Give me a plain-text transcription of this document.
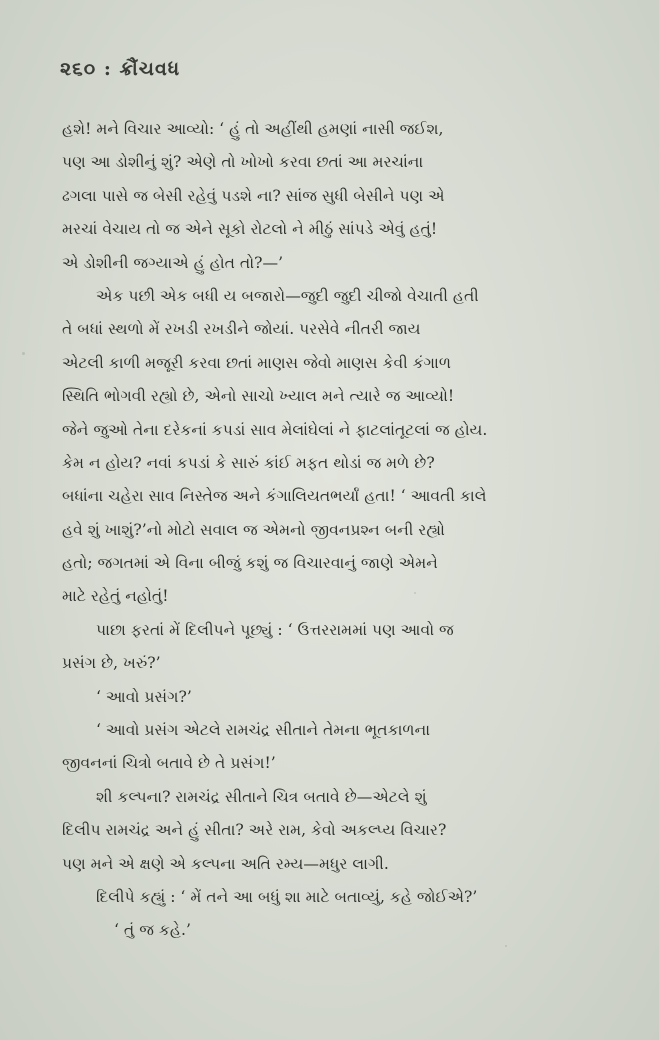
૨૬૦ : ક્રૌંચવધ
હશે! મને વિચાર આવ્યો: ‘ હું તો અહીંથી હમણાં નાસી જઈશ,
પણ આ ડોશીનું શું? એણે તો ખોખો કરવા છતાં આ મરચાંના
ઢગલા પાસે જ બેસી રહેવું પડશે ના? સાંજ સુધી બેસીને પણ એ
મરચાં વેચાય તો જ એને સૂકો રોટલો ને મીઠું સાંપડે એવું હતું!
એ ડોશીની જગ્યાએ હું હોત તો?—’
એક પછી એક બધી ય બજારો—જુદી જુદી ચીજો વેચાતી હતી
તે બધાં સ્થળો મેં રખડી રખડીને જોયાં. પરસેવે નીતરી જાય
એટલી કાળી મજૂરી કરવા છતાં માણસ જેવો માણસ કેવી કંગાળ
સ્થિતિ ભોગવી રહ્યો છે, એનો સાચો ખ્યાલ મને ત્યારે જ આવ્યો!
જેને જુઓ તેના દરેકનાં કપડાં સાવ મેલાંઘેલાં ને ફાટલાંતૂટલાં જ હોય.
કેમ ન હોય? નવાં કપડાં કે સારું કાંઈ મફત થોડાં જ મળે છે?
બધાંના ચહેરા સાવ નિસ્તેજ અને કંગાલિયતભર્યાં હતા! ‘ આવતી કાલે
હવે શું ખાશું?’નો મોટો સવાલ જ એમનો જીવનપ્રશ્ન બની રહ્યો
હતો; જગતમાં એ વિના બીજું કશું જ વિચારવાનું જાણે એમને
માટે રહેતું નહોતું!
પાછા ફરતાં મેં દિલીપને પૂછ્યું : ‘ ઉત્તરરામમાં પણ આવો જ
પ્રસંગ છે, ખરું?’
‘ આવો પ્રસંગ?’
‘ આવો પ્રસંગ એટલે રામચંદ્ર સીતાને તેમના ભૂતકાળના
જીવનનાં ચિત્રો બતાવે છે તે પ્રસંગ!’
શી કલ્પના? રામચંદ્ર સીતાને ચિત્ર બતાવે છે—એટલે શું
દિલીપ રામચંદ્ર અને હું સીતા? અરે રામ, કેવો અકલ્પ્ય વિચાર?
પણ મને એ ક્ષણે એ કલ્પના અતિ રમ્ય—મધુર લાગી.
દિલીપે કહ્યું : ‘ મેં તને આ બધું શા માટે બતાવ્યું, કહે જોઈએ?’
‘ તું જ કહે.’
